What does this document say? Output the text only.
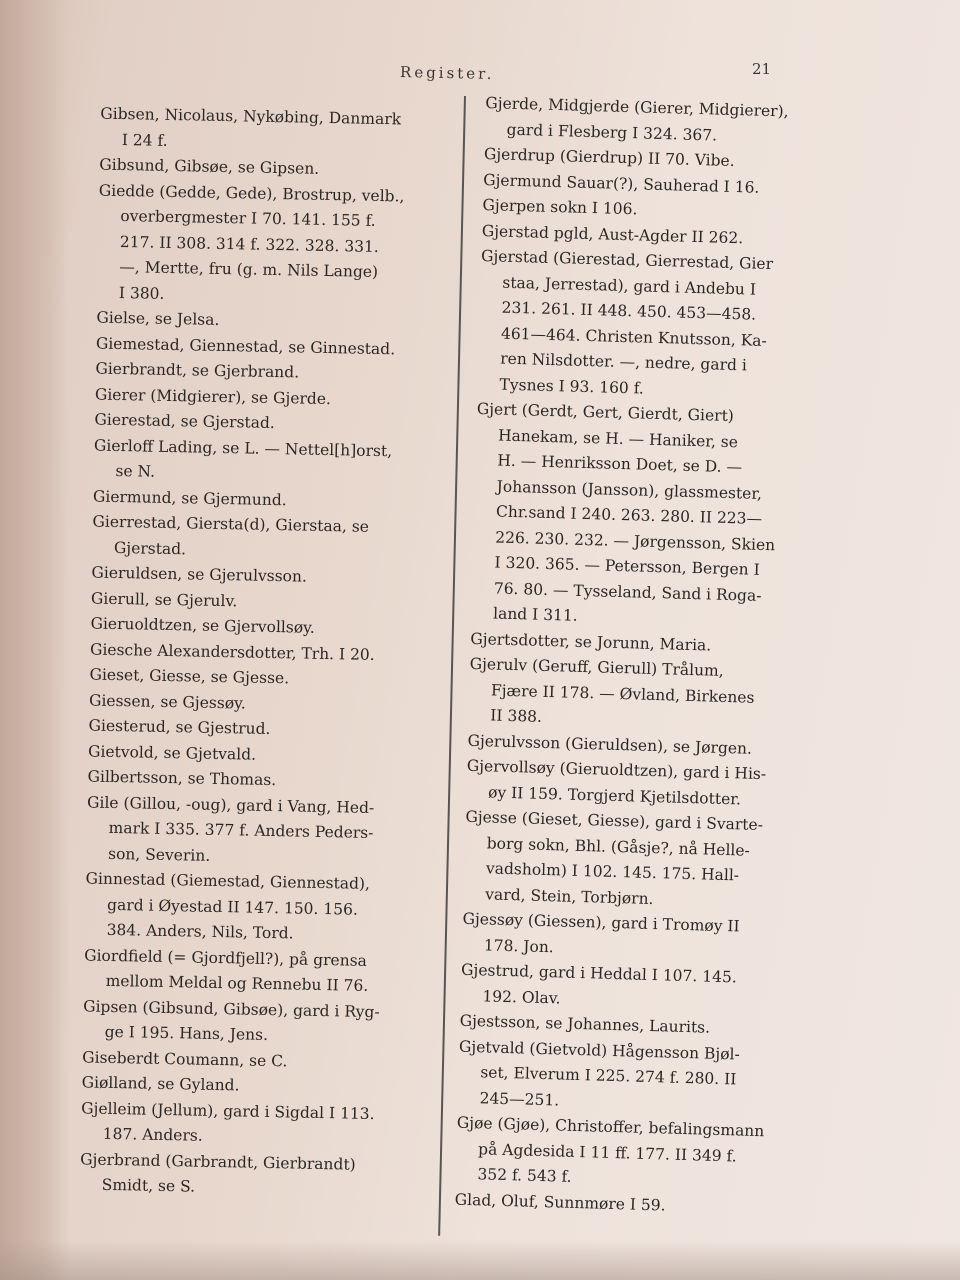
Register.	21
Gibsen, Nicolaus, Nykøbing, Danmark
I 24 f.
Gibsund, Gibsøe, se Gipsen.
Giedde (Gedde, Gede), Brostrup, velb.,
overbergmester I 70. 141. 155 f.
217. II 308. 314 f. 322. 328. 331.
—, Mertte, fru (g. m. Nils Lange)
I 380.
Gielse, se Jelsa.
Giemestad, Giennestad, se Ginnestad.
Gierbrandt, se Gjerbrand.
Gierer (Midgierer), se Gjerde.
Gierestad, se Gjerstad.
Gierloff Lading, se L. — Nettel[h]orst,
se N.
Giermund, se Gjermund.
Gierrestad, Giersta(d), Gierstaa, se
Gjerstad.
Gieruldsen, se Gjerulvsson.
Gierull, se Gjerulv.
Gieruoldtzen, se Gjervollsøy.
Giesche Alexandersdotter, Trh. I 20.
Gieset, Giesse, se Gjesse.
Giessen, se Gjessøy.
Giesterud, se Gjestrud.
Gietvold, se Gjetvald.
Gilbertsson, se Thomas.
Gile (Gillou, -oug), gard i Vang, Hed-
mark I 335. 377 f. Anders Peders-
son, Severin.
Ginnestad (Giemestad, Giennestad),
gard i Øyestad II 147. 150. 156.
384. Anders, Nils, Tord.
Giordfield (= Gjordfjell?), på grensa
mellom Meldal og Rennebu II 76.
Gipsen (Gibsund, Gibsøe), gard i Ryg-
ge I 195. Hans, Jens.
Giseberdt Coumann, se C.
Giølland, se Gyland.
Gjelleim (Jellum), gard i Sigdal I 113.
187. Anders.
Gjerbrand (Garbrandt, Gierbrandt)
Smidt, se S.
Gjerde, Midgjerde (Gierer, Midgierer),
gard i Flesberg I 324. 367.
Gjerdrup (Gierdrup) II 70. Vibe.
Gjermund Sauar(?), Sauherad I 16.
Gjerpen sokn I 106.
Gjerstad pgld, Aust-Agder II 262.
Gjerstad (Gierestad, Gierrestad, Gier
staa, Jerrestad), gard i Andebu I
231. 261. II 448. 450. 453—458.
461—464. Christen Knutsson, Ka-
ren Nilsdotter. —, nedre, gard i
Tysnes I 93. 160 f.
Gjert (Gerdt, Gert, Gierdt, Giert)
Hanekam, se H. — Haniker, se
H. — Henriksson Doet, se D. —
Johansson (Jansson), glassmester,
Chr.sand I 240. 263. 280. II 223—
226. 230. 232. — Jørgensson, Skien
I 320. 365. — Petersson, Bergen I
76. 80. — Tysseland, Sand i Roga-
land I 311.
Gjertsdotter, se Jorunn, Maria.
Gjerulv (Geruff, Gierull) Trålum,
Fjære II 178. — Øvland, Birkenes
II 388.
Gjerulvsson (Gieruldsen), se Jørgen.
Gjervollsøy (Gieruoldtzen), gard i His-
øy II 159. Torgjerd Kjetilsdotter.
Gjesse (Gieset, Giesse), gard i Svarte-
borg sokn, Bhl. (Gåsje?, nå Helle-
vadsholm) I 102. 145. 175. Hall-
vard, Stein, Torbjørn.
Gjessøy (Giessen), gard i Tromøy II
178. Jon.
Gjestrud, gard i Heddal I 107. 145.
192. Olav.
Gjestsson, se Johannes, Laurits.
Gjetvald (Gietvold) Hågensson Bjøl-
set, Elverum I 225. 274 f. 280. II
245—251.
Gjøe (Gjøe), Christoffer, befalingsmann
på Agdesida I 11 ff. 177. II 349 f.
352 f. 543 f.
Glad, Oluf, Sunnmøre I 59.
